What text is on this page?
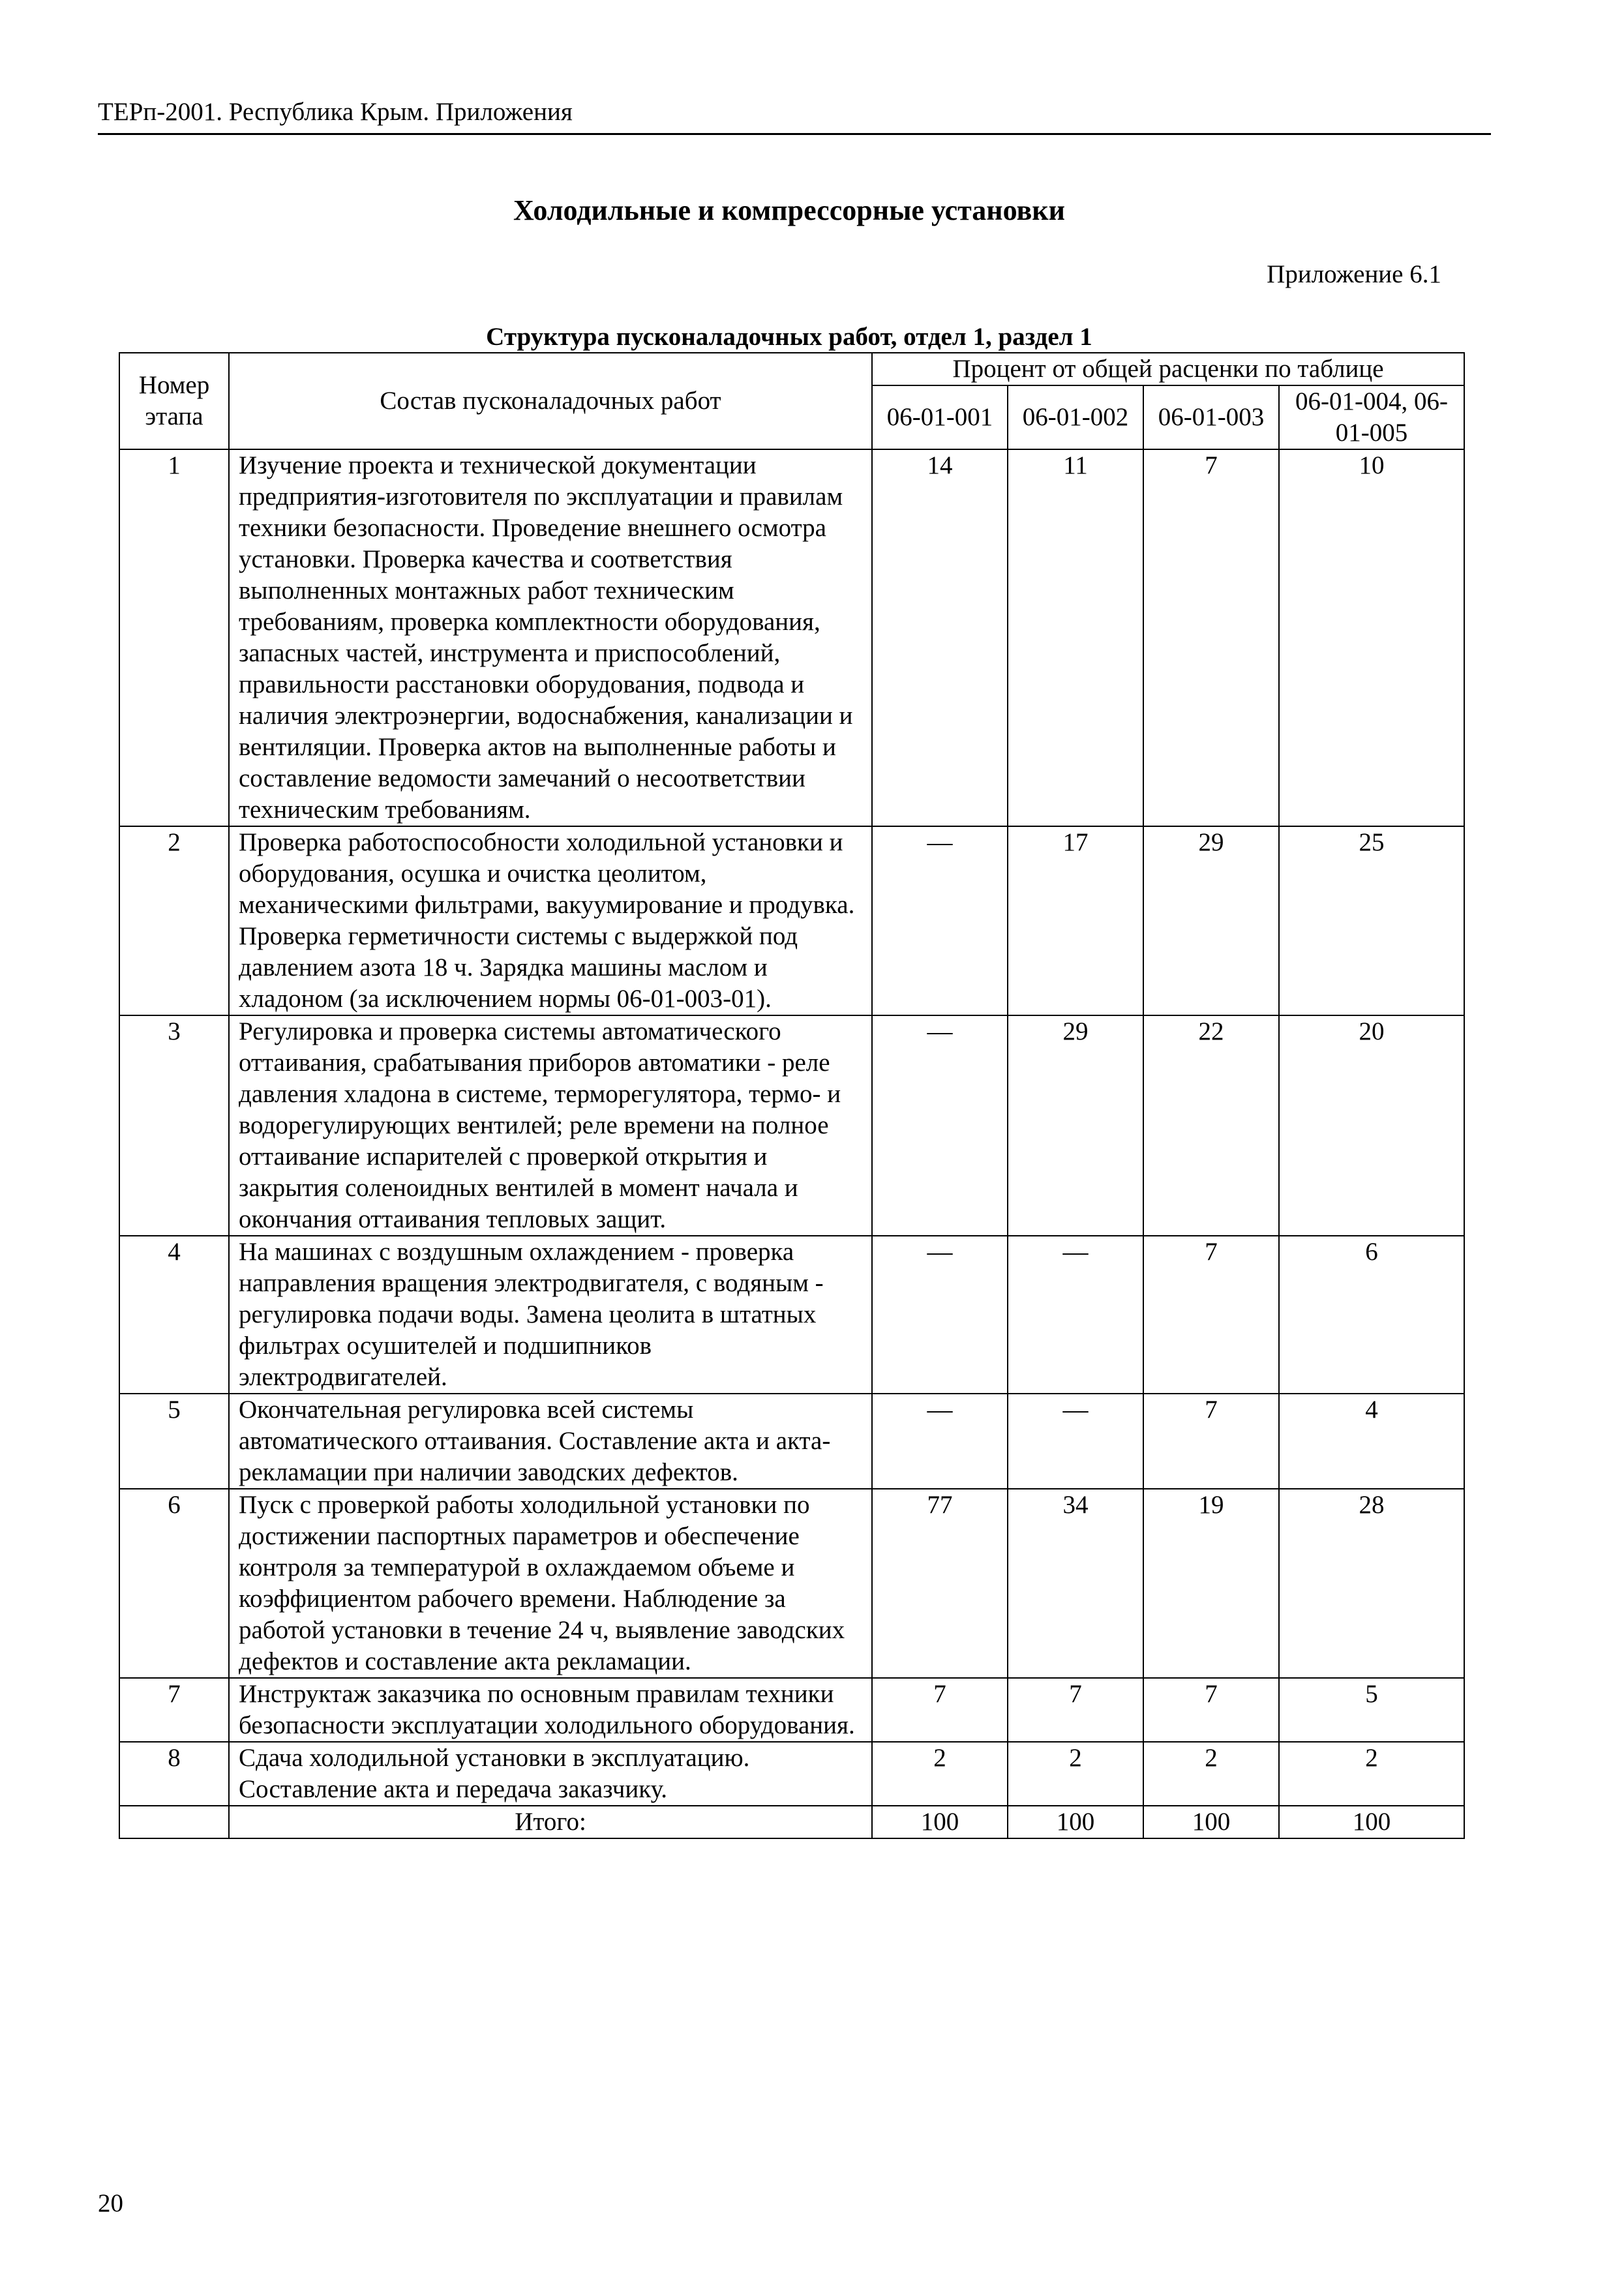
ТЕРп-2001. Республика Крым. Приложения
Холодильные и компрессорные установки
Приложение 6.1
Структура пусконаладочных работ, отдел 1, раздел 1
Номер этапа	Состав пусконаладочных работ	Процент от общей расценки по таблице			
		06-01-001	06-01-002	06-01-003	06-01-004, 06-01-005
1	Изучение проекта и технической документации предприятия-изготовителя по эксплуатации и правилам техники безопасности. Проведение внешнего осмотра установки. Проверка качества и соответствия выполненных монтажных работ техническим требованиям, проверка комплектности оборудования, запасных частей, инструмента и приспособлений, правильности расстановки оборудования, подвода и наличия электроэнергии, водоснабжения, канализации и вентиляции. Проверка актов на выполненные работы и составление ведомости замечаний о несоответствии техническим требованиям.	14	11	7	10
2	Проверка работоспособности холодильной установки и оборудования, осушка и очистка цеолитом, механическими фильтрами, вакуумирование и продувка. Проверка герметичности системы с выдержкой под давлением азота 18 ч. Зарядка машины маслом и хладоном (за исключением нормы 06-01-003-01).	—	17	29	25
3	Регулировка и проверка системы автоматического оттаивания, срабатывания приборов автоматики - реле давления хладона в системе, терморегулятора, термо- и водорегулирующих вентилей; реле времени на полное оттаивание испарителей с проверкой открытия и закрытия соленоидных вентилей в момент начала и окончания оттаивания тепловых защит.	—	29	22	20
4	На машинах с воздушным охлаждением - проверка направления вращения электродвигателя, с водяным - регулировка подачи воды. Замена цеолита в штатных фильтрах осушителей и подшипников электродвигателей.	—	—	7	6
5	Окончательная регулировка всей системы автоматического оттаивания. Составление акта и акта-рекламации при наличии заводских дефектов.	—	—	7	4
6	Пуск с проверкой работы холодильной установки по достижении паспортных параметров и обеспечение контроля за температурой в охлаждаемом объеме и коэффициентом рабочего времени. Наблюдение за работой установки в течение 24 ч, выявление заводских дефектов и составление акта рекламации.	77	34	19	28
7	Инструктаж заказчика по основным правилам техники безопасности эксплуатации холодильного оборудования.	7	7	7	5
8	Сдача холодильной установки в эксплуатацию. Составление акта и передача заказчику.	2	2	2	2
	Итого:	100	100	100	100
20
